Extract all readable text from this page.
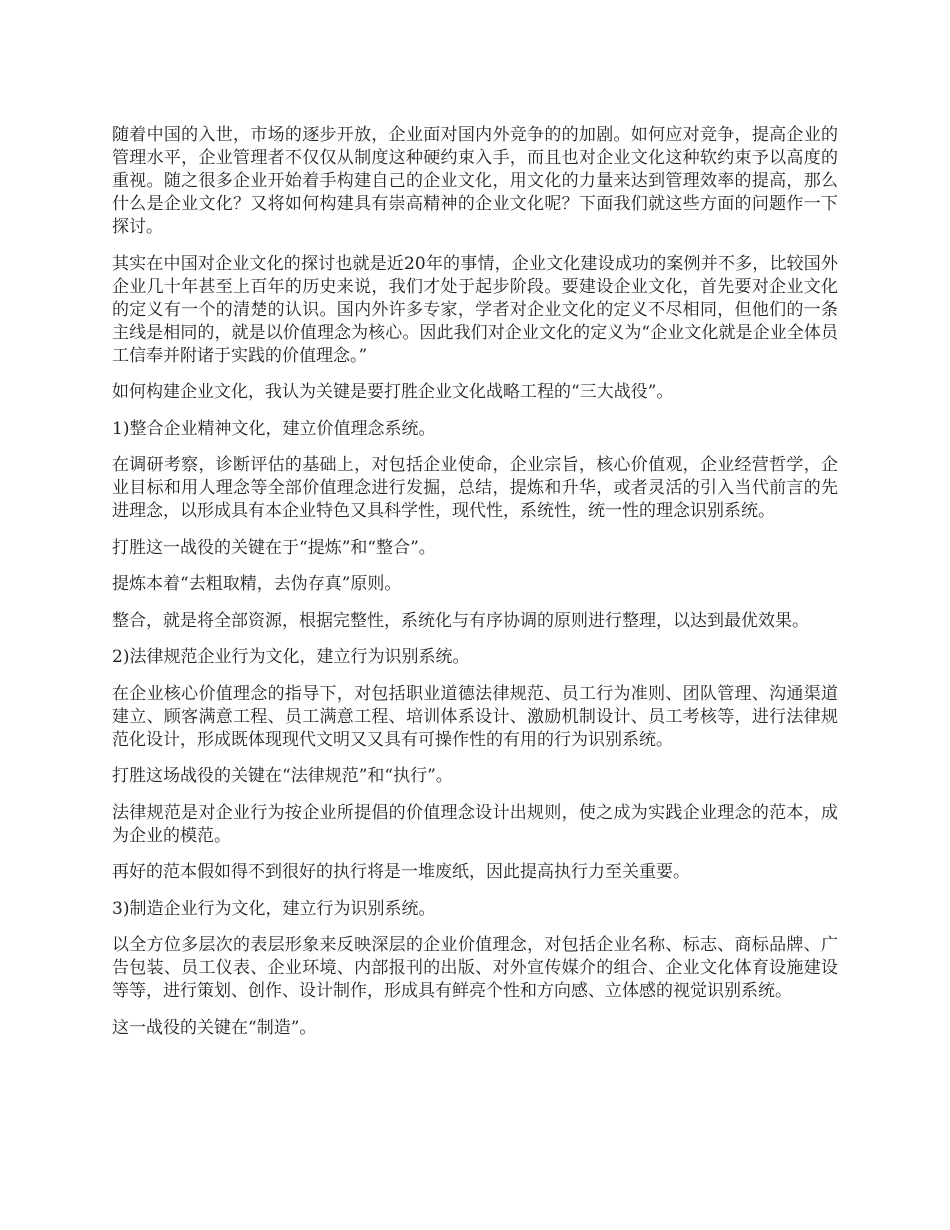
随着中国的入世，市场的逐步开放，企业面对国内外竞争的的加剧。如何应对竞争，提高企业的管理水平，企业管理者不仅仅从制度这种硬约束入手，而且也对企业文化这种软约束予以高度的重视。随之很多企业开始着手构建自己的企业文化，用文化的力量来达到管理效率的提高，那么什么是企业文化？又将如何构建具有崇高精神的企业文化呢？下面我们就这些方面的问题作一下探讨。

其实在中国对企业文化的探讨也就是近20年的事情，企业文化建设成功的案例并不多，比较国外企业几十年甚至上百年的历史来说，我们才处于起步阶段。要建设企业文化，首先要对企业文化的定义有一个的清楚的认识。国内外许多专家，学者对企业文化的定义不尽相同，但他们的一条主线是相同的，就是以价值理念为核心。因此我们对企业文化的定义为“企业文化就是企业全体员工信奉并附诸于实践的价值理念。”

如何构建企业文化，我认为关键是要打胜企业文化战略工程的“三大战役”。

1)整合企业精神文化，建立价值理念系统。

在调研考察，诊断评估的基础上，对包括企业使命，企业宗旨，核心价值观，企业经营哲学，企业目标和用人理念等全部价值理念进行发掘，总结，提炼和升华，或者灵活的引入当代前言的先进理念，以形成具有本企业特色又具科学性，现代性，系统性，统一性的理念识别系统。

打胜这一战役的关键在于“提炼”和“整合”。

提炼本着“去粗取精，去伪存真”原则。

整合，就是将全部资源，根据完整性，系统化与有序协调的原则进行整理，以达到最优效果。

2)法律规范企业行为文化，建立行为识别系统。

在企业核心价值理念的指导下，对包括职业道德法律规范、员工行为准则、团队管理、沟通渠道建立、顾客满意工程、员工满意工程、培训体系设计、激励机制设计、员工考核等，进行法律规范化设计，形成既体现现代文明又又具有可操作性的有用的行为识别系统。

打胜这场战役的关键在“法律规范”和“执行”。

法律规范是对企业行为按企业所提倡的价值理念设计出规则，使之成为实践企业理念的范本，成为企业的模范。

再好的范本假如得不到很好的执行将是一堆废纸，因此提高执行力至关重要。

3)制造企业行为文化，建立行为识别系统。

以全方位多层次的表层形象来反映深层的企业价值理念，对包括企业名称、标志、商标品牌、广告包装、员工仪表、企业环境、内部报刊的出版、对外宣传媒介的组合、企业文化体育设施建设等等，进行策划、创作、设计制作，形成具有鲜亮个性和方向感、立体感的视觉识别系统。

这一战役的关键在“制造”。
